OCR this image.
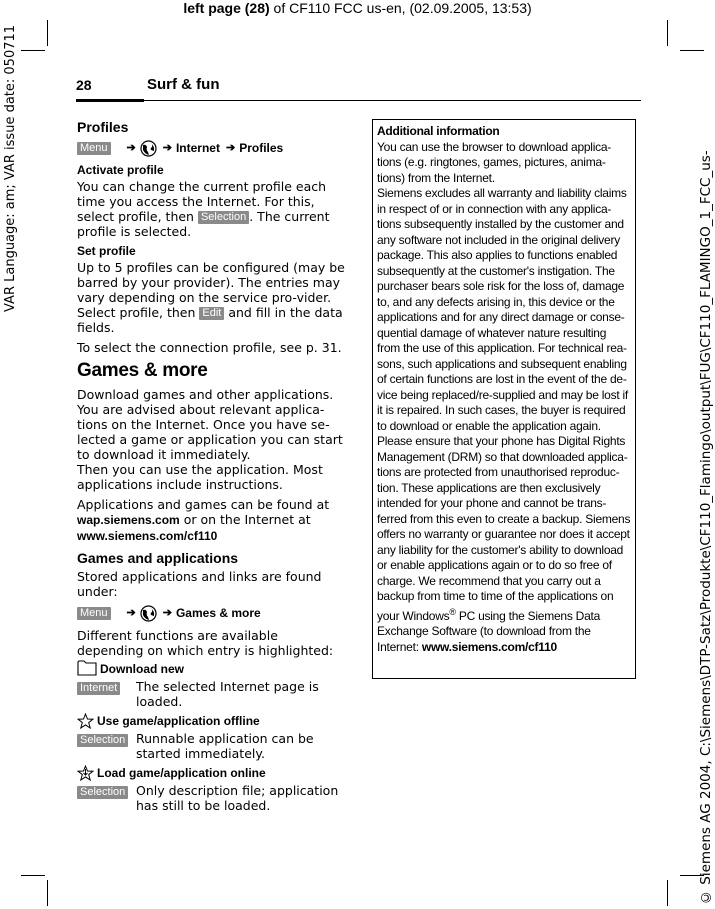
left page (28) of CF110 FCC us-en, (02.09.2005, 13:53)
VAR Language: am; VAR issue date: 050711	© Siemens AG 2004, C:\Siemens\DTP-Satz\Produkte\CF110_Flamingo\output\FUG\CF110_FLAMINGO_1_FCC_us-
28	Surf & fun
Profiles
Menu ➔ ➔ Internet ➔ Profiles
Activate profile
You can change the current profile each time you access the Internet. For this, select profile, then Selection . The current profile is selected.
Set profile
Up to 5 profiles can be configured (may be barred by your provider). The entries may vary depending on the service pro-vider. Select profile, then Edit and fill in the data fields.
To select the connection profile, see p. 31.
Games & more
Download games and other applications. You are advised about relevant applica-tions on the Internet. Once you have se-lected a game or application you can start to download it immediately.
Then you can use the application. Most applications include instructions.
Applications and games can be found at wap.siemens.com or on the Internet at www.siemens.com/cf110
Games and applications
Stored applications and links are found under:
Menu ➔ ➔ Games & more
Different functions are available depending on which entry is highlighted:
Download new
Internet	The selected Internet page is loaded.
Use game/application offline
Selection Runnable application can be started immediately.
Load game/application online
Selection Only description file; application has still to be loaded.
Additional information

You can use the browser to download applica-tions (e.g. ringtones, games, pictures, anima-tions) from the Internet.

Siemens excludes all warranty and liability claims in respect of or in connection with any applica-tions subsequently installed by the customer and any software not included in the original delivery package. This also applies to functions enabled subsequently at the customer's instigation. The purchaser bears sole risk for the loss of, damage to, and any defects arising in, this device or the applications and for any direct damage or conse-quential damage of whatever nature resulting from the use of this application. For technical rea-sons, such applications and subsequent enabling of certain functions are lost in the event of the de-vice being replaced/re-supplied and may be lost if it is repaired. In such cases, the buyer is required to download or enable the application again.

Please ensure that your phone has Digital Rights Management (DRM) so that downloaded applica-tions are protected from unauthorised reproduc-tion. These applications are then exclusively intended for your phone and cannot be trans-ferred from this even to create a backup. Siemens offers no warranty or guarantee nor does it accept any liability for the customer's ability to download or enable applications again or to do so free of charge. We recommend that you carry out a backup from time to time of the applications on your Windows® PC using the Siemens Data Exchange Software (to download from the Internet: www.siemens.com/cf110
